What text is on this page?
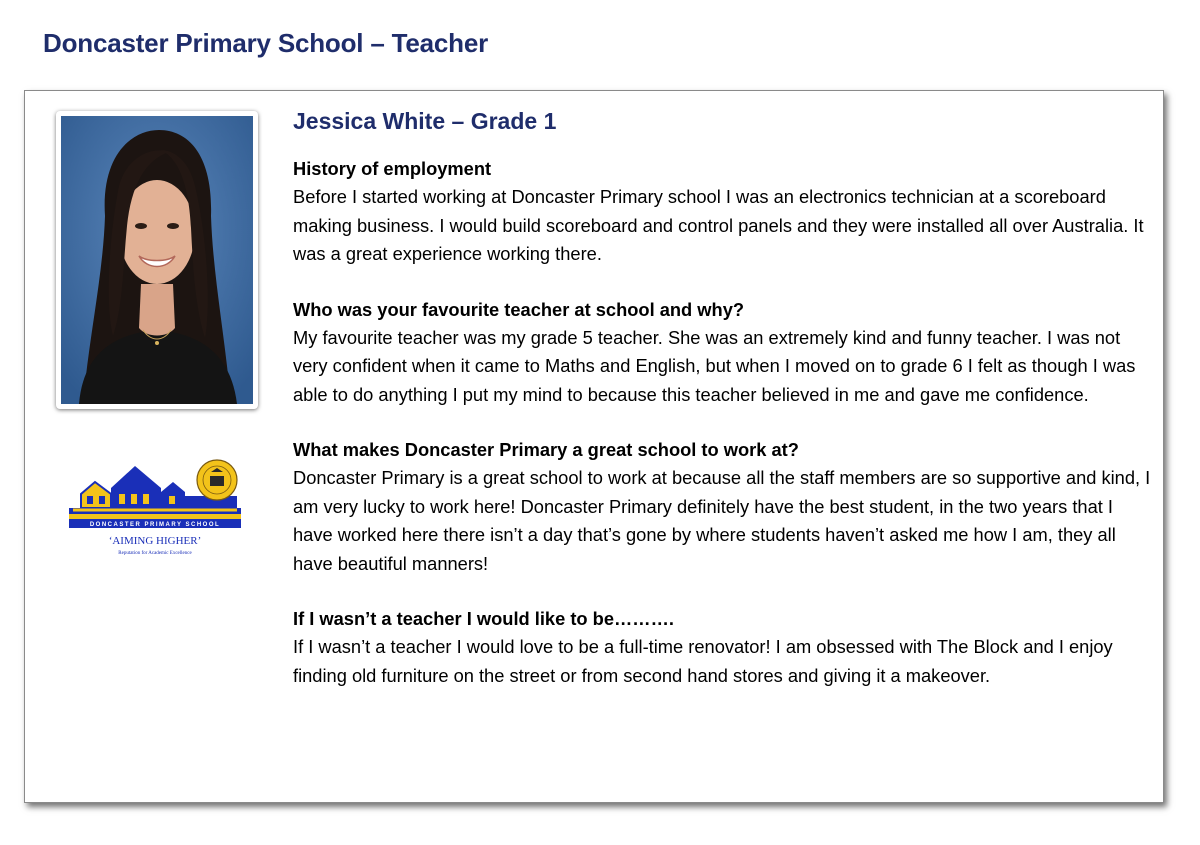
Doncaster Primary School – Teacher
DONCASTER PRIMARY SCHOOL
‘AIMING HIGHER’
Reputation for Academic Excellence
Jessica White – Grade 1
History of employment
Before I started working at Doncaster Primary school I was an electronics technician at a scoreboard making business. I would build scoreboard and control panels and they were installed all over Australia. It was a great experience working there.
Who was your favourite teacher at school and why?
My favourite teacher was my grade 5 teacher. She was an extremely kind and funny teacher. I was not very confident when it came to Maths and English, but when I moved on to grade 6 I felt as though I was able to do anything I put my mind to because this teacher believed in me and gave me confidence.
What makes Doncaster Primary a great school to work at?
Doncaster Primary is a great school to work at because all the staff members are so supportive and kind, I am very lucky to work here! Doncaster Primary definitely have the best student, in the two years that I have worked here there isn’t a day that’s gone by where students haven’t asked me how I am, they all have beautiful manners!
If I wasn’t a teacher I would like to be……….
If I wasn’t a teacher I would love to be a full-time renovator! I am obsessed with The Block and I enjoy finding old furniture on the street or from second hand stores and giving it a makeover.
